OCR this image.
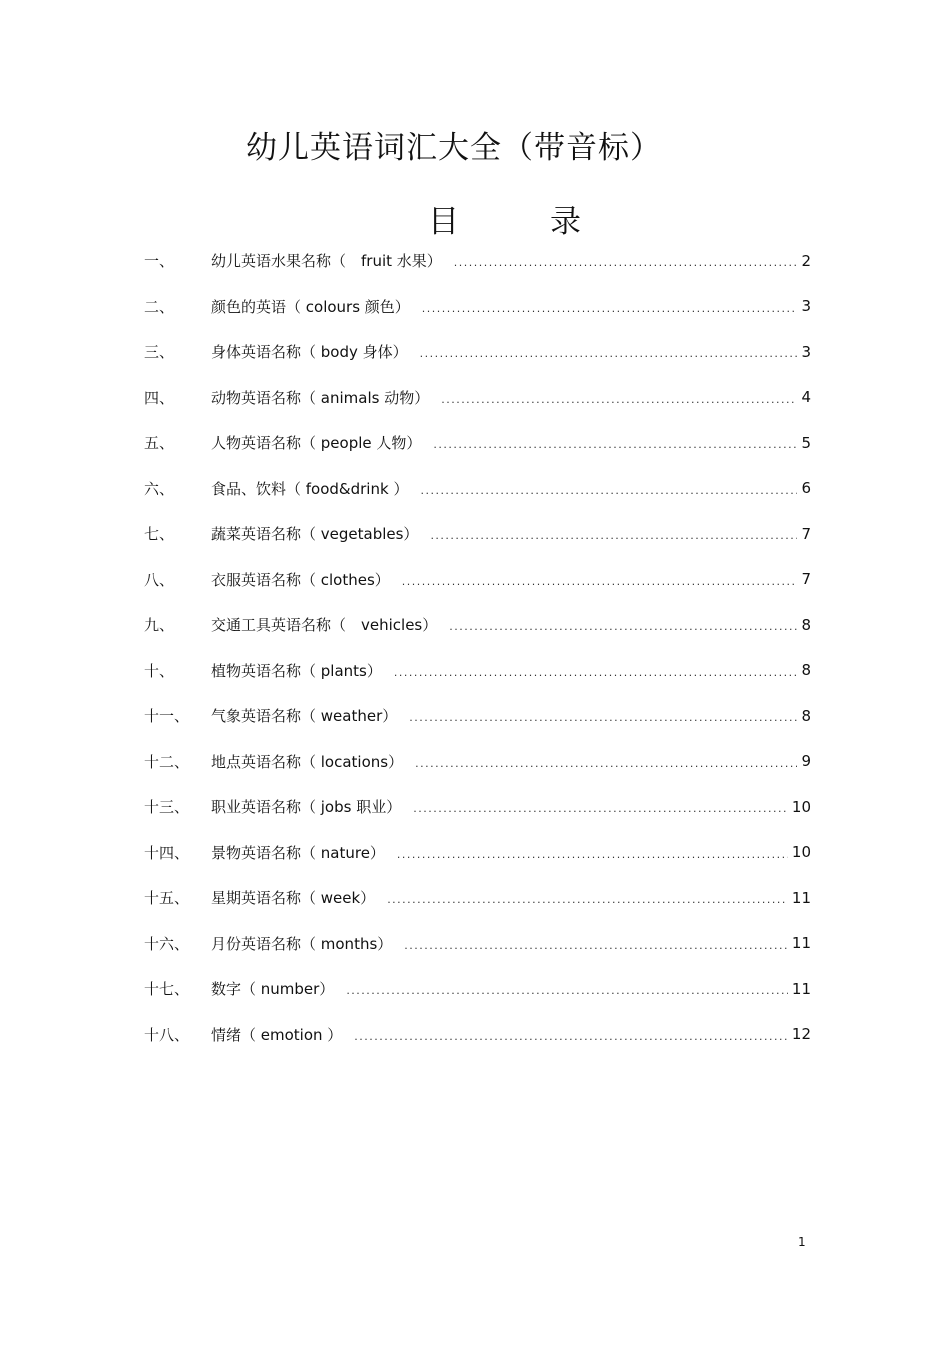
幼儿英语词汇大全（带音标）
目　录
一、	幼儿英语水果名称（　fruit 水果） .....	2
二、	颜色的英语（ colours 颜色） .....	3
三、	身体英语名称（ body 身体） .....	3
四、	动物英语名称（ animals 动物） .....	4
五、	人物英语名称（ people 人物） .....	5
六、	食品、饮料（ food&drink ） .....	6
七、	蔬菜英语名称（ vegetables） .....	7
八、	衣服英语名称（ clothes） .....	7
九、	交通工具英语名称（　vehicles） .....	8
十、	植物英语名称（ plants） .....	8
十一、	气象英语名称（ weather） .....	8
十二、	地点英语名称（ locations） .....	9
十三、	职业英语名称（ jobs 职业） .....	10
十四、	景物英语名称（ nature） .....	10
十五、	星期英语名称（ week） .....	11
十六、	月份英语名称（ months） .....	11
十七、	数字（ number） .....	11
十八、	情绪（ emotion ） .....	12
1
